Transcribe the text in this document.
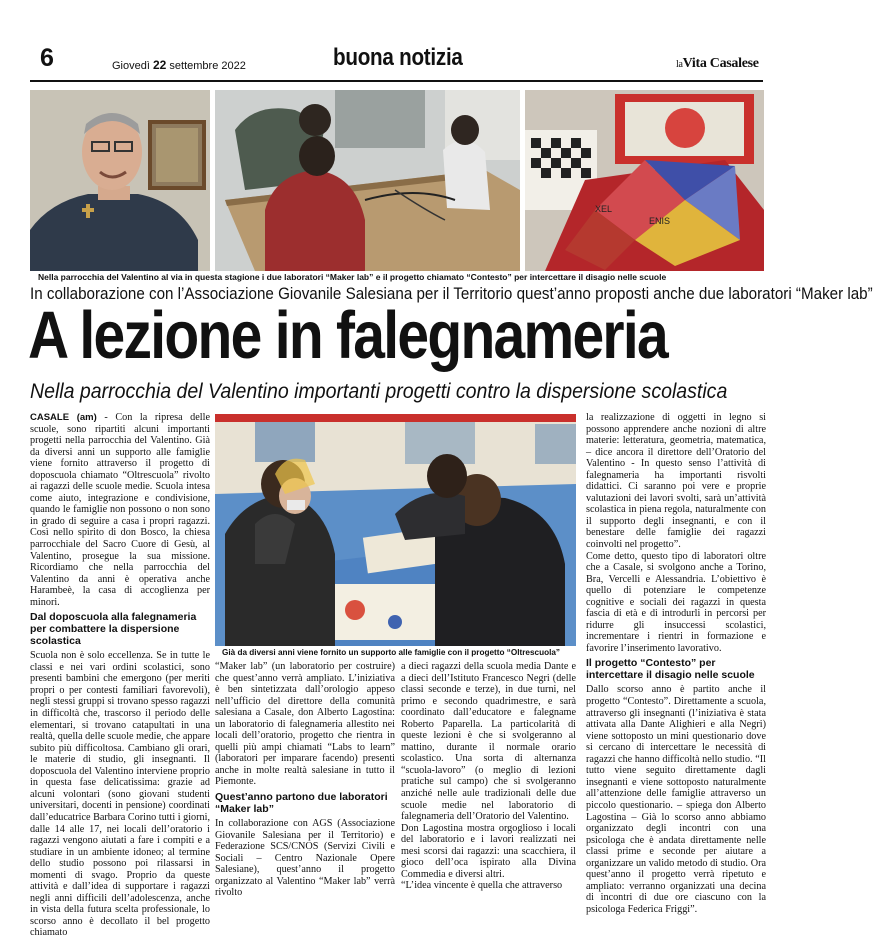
6	Giovedì 22 settembre 2022	buona notizia	laVita Casalese
XEL
ENIS
Nella parrocchia del Valentino al via in questa stagione i due laboratori “Maker lab” e il progetto chiamato “Contesto” per intercettare il disagio nelle scuole
In collaborazione con l’Associazione Giovanile Salesiana per il Territorio quest’anno proposti anche due laboratori “Maker lab”
A lezione in falegnameria
Nella parrocchia del Valentino importanti progetti contro la dispersione scolastica
Già da diversi anni viene fornito un supporto alle famiglie con il progetto “Oltrescuola”

CASALE (am) - Con la ripresa delle scuole, sono ripartiti alcuni importanti progetti nella parrocchia del Valentino. Già da diversi anni un supporto alle famiglie viene fornito attraverso il progetto di doposcuola chiamato “Oltrescuola” rivolto ai ragazzi delle scuole medie. Scuola intesa come aiuto, integrazione e condivisione, quando le famiglie non possono o non sono in grado di seguire a casa i propri ragazzi. Così nello spirito di don Bosco, la chiesa parrocchiale del Sacro Cuore di Gesù, al Valentino, prosegue la sua missione. Ricordiamo che nella parrocchia del Valentino da anni è operativa anche Harambeè, la casa di accoglienza per minori.

Dal doposcuola alla falegnameria per combattere la dispersione scolastica

Scuola non è solo eccellenza. Se in tutte le classi e nei vari ordini scolastici, sono presenti bambini che emergono (per meriti propri o per contesti familiari favorevoli), negli stessi gruppi si trovano spesso ragazzi in difficoltà che, trascorso il periodo delle elementari, si trovano catapultati in una realtà, quella delle scuole medie, che appare subito più difficoltosa. Cambiano gli orari, le materie di studio, gli insegnanti. Il doposcuola del Valentino interviene proprio in questa fase delicatissima: grazie ad alcuni volontari (sono giovani studenti universitari, docenti in pensione) coordinati dall’educatrice Barbara Corino tutti i giorni, dalle 14 alle 17, nei locali dell’oratorio i ragazzi vengono aiutati a fare i compiti e a studiare in un ambiente idoneo; al termine dello studio possono poi rilassarsi in momenti di svago. Proprio da queste attività e dall’idea di supportare i ragazzi negli anni difficili dell’adolescenza, anche in vista della futura scelta professionale, lo scorso anno è decollato il bel progetto chiamato

“Maker lab” (un laboratorio per costruire) che quest’anno verrà ampliato. L’iniziativa è ben sintetizzata dall’orologio appeso nell’ufficio del direttore della comunità salesiana a Casale, don Alberto Lagostina: un laboratorio di falegnameria allestito nei locali dell’oratorio, progetto che rientra in quelli più ampi chiamati “Labs to learn” (laboratori per imparare facendo) presenti anche in molte realtà salesiane in tutto il Piemonte.

Quest’anno partono due laboratori “Maker lab”

In collaborazione con AGS (Associazione Giovanile Salesiana per il Territorio) e Federazione SCS/CNOS (Servizi Civili e Sociali – Centro Nazionale Opere Salesiane), quest’anno il progetto organizzato al Valentino “Maker lab” verrà rivolto

a dieci ragazzi della scuola media Dante e a dieci dell’Istituto Francesco Negri (delle classi seconde e terze), in due turni, nel primo e secondo quadrimestre, e sarà coordinato dall’educatore e falegname Roberto Paparella. La particolarità di queste lezioni è che si svolgeranno al mattino, durante il normale orario scolastico. Una sorta di alternanza “scuola-lavoro” (o meglio di lezioni pratiche sul campo) che si svolgeranno anziché nelle aule tradizionali delle due scuole medie nel laboratorio di falegnameria dell’Oratorio del Valentino.

Don Lagostina mostra orgoglioso i locali del laboratorio e i lavori realizzati nei mesi scorsi dai ragazzi: una scacchiera, il gioco dell’oca ispirato alla Divina Commedia e diversi altri.

“L’idea vincente è quella che attraverso

la realizzazione di oggetti in legno si possono apprendere anche nozioni di altre materie: letteratura, geometria, matematica, – dice ancora il direttore dell’Oratorio del Valentino - In questo senso l’attività di falegnameria ha importanti risvolti didattici. Ci saranno poi vere e proprie valutazioni dei lavori svolti, sarà un’attività scolastica in piena regola, naturalmente con il supporto degli insegnanti, e con il benestare delle famiglie dei ragazzi coinvolti nel progetto”.

Come detto, questo tipo di laboratori oltre che a Casale, si svolgono anche a Torino, Bra, Vercelli e Alessandria. L’obiettivo è quello di potenziare le competenze cognitive e sociali dei ragazzi in questa fascia di età e di introdurli in percorsi per ridurre gli insuccessi scolastici, incrementare i rientri in formazione e favorire l’inserimento lavorativo.

Il progetto “Contesto” per intercettare il disagio nelle scuole

Dallo scorso anno è partito anche il progetto “Contesto”. Direttamente a scuola, attraverso gli insegnanti (l’iniziativa è stata attivata alla Dante Alighieri e alla Negri) viene sottoposto un mini questionario dove si cercano di intercettare le necessità di ragazzi che hanno difficoltà nello studio. “Il tutto viene seguito direttamente dagli insegnanti e viene sottoposto naturalmente all’attenzione delle famiglie attraverso un piccolo questionario. – spiega don Alberto Lagostina – Già lo scorso anno abbiamo organizzato degli incontri con una psicologa che è andata direttamente nelle classi prime e seconde per aiutare a organizzare un valido metodo di studio. Ora quest’anno il progetto verrà ripetuto e ampliato: verranno organizzati una decina di incontri di due ore ciascuno con la psicologa Federica Friggi”.
